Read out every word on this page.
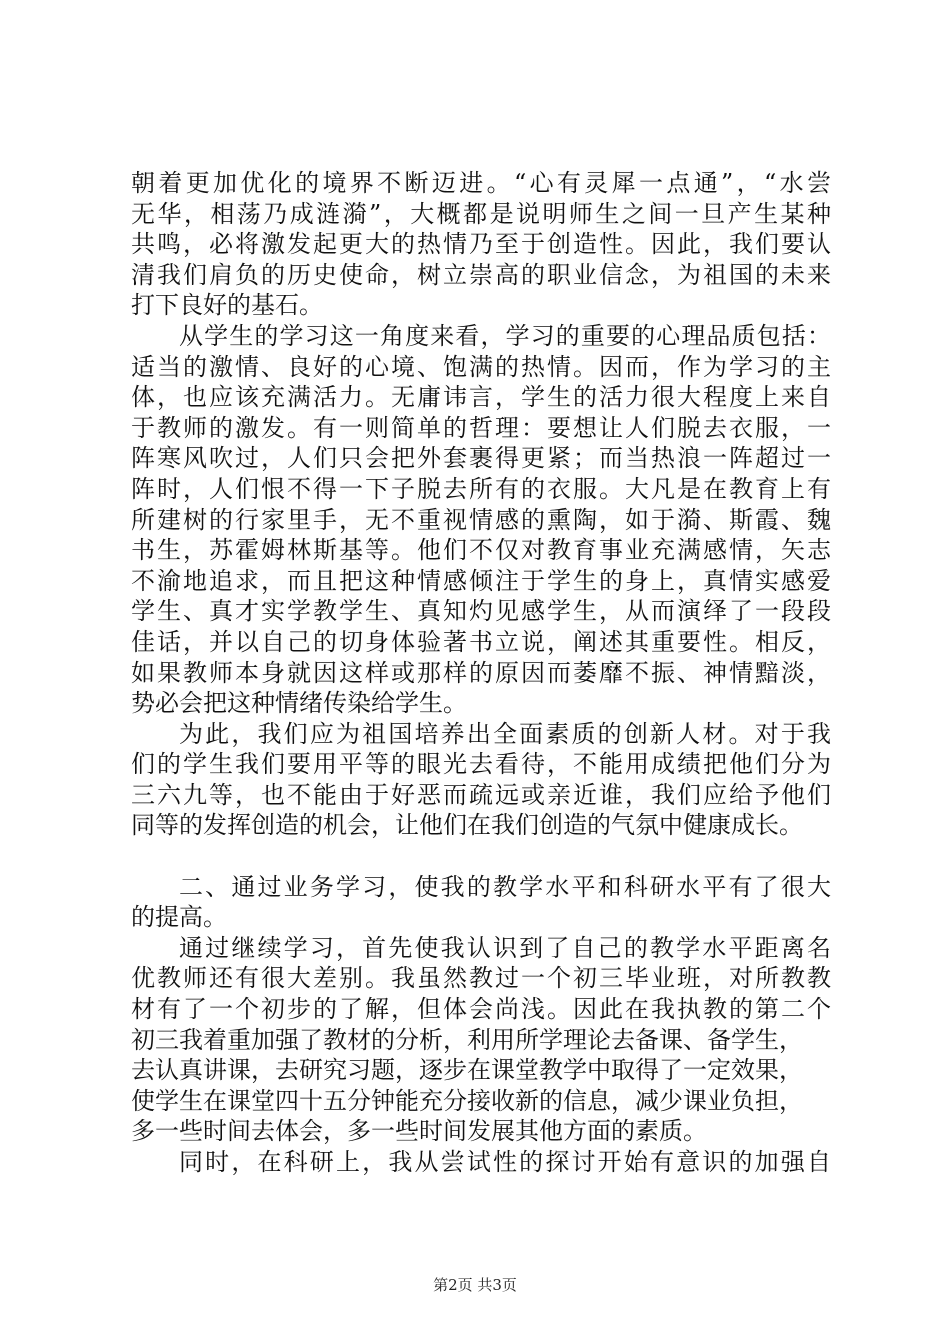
朝着更加优化的境界不断迈进。“心有灵犀一点通”，“水尝
无华，相荡乃成涟漪”，大概都是说明师生之间一旦产生某种
共鸣，必将激发起更大的热情乃至于创造性。因此，我们要认
清我们肩负的历史使命，树立崇高的职业信念，为祖国的未来
打下良好的基石。
从学生的学习这一角度来看，学习的重要的心理品质包括：
适当的激情、良好的心境、饱满的热情。因而，作为学习的主
体，也应该充满活力。无庸讳言，学生的活力很大程度上来自
于教师的激发。有一则简单的哲理：要想让人们脱去衣服，一
阵寒风吹过，人们只会把外套裹得更紧；而当热浪一阵超过一
阵时，人们恨不得一下子脱去所有的衣服。大凡是在教育上有
所建树的行家里手，无不重视情感的熏陶，如于漪、斯霞、魏
书生，苏霍姆林斯基等。他们不仅对教育事业充满感情，矢志
不渝地追求，而且把这种情感倾注于学生的身上，真情实感爱
学生、真才实学教学生、真知灼见感学生，从而演绎了一段段
佳话，并以自己的切身体验著书立说，阐述其重要性。相反，
如果教师本身就因这样或那样的原因而萎靡不振、神情黯淡，
势必会把这种情绪传染给学生。
为此，我们应为祖国培养出全面素质的创新人材。对于我
们的学生我们要用平等的眼光去看待，不能用成绩把他们分为
三六九等，也不能由于好恶而疏远或亲近谁，我们应给予他们
同等的发挥创造的机会，让他们在我们创造的气氛中健康成长。
二、通过业务学习，使我的教学水平和科研水平有了很大
的提高。
通过继续学习，首先使我认识到了自己的教学水平距离名
优教师还有很大差别。我虽然教过一个初三毕业班，对所教教
材有了一个初步的了解，但体会尚浅。因此在我执教的第二个
初三我着重加强了教材的分析，利用所学理论去备课、备学生，
去认真讲课，去研究习题，逐步在课堂教学中取得了一定效果，
使学生在课堂四十五分钟能充分接收新的信息，减少课业负担，
多一些时间去体会，多一些时间发展其他方面的素质。
同时，在科研上，我从尝试性的探讨开始有意识的加强自
第2页 共3页
